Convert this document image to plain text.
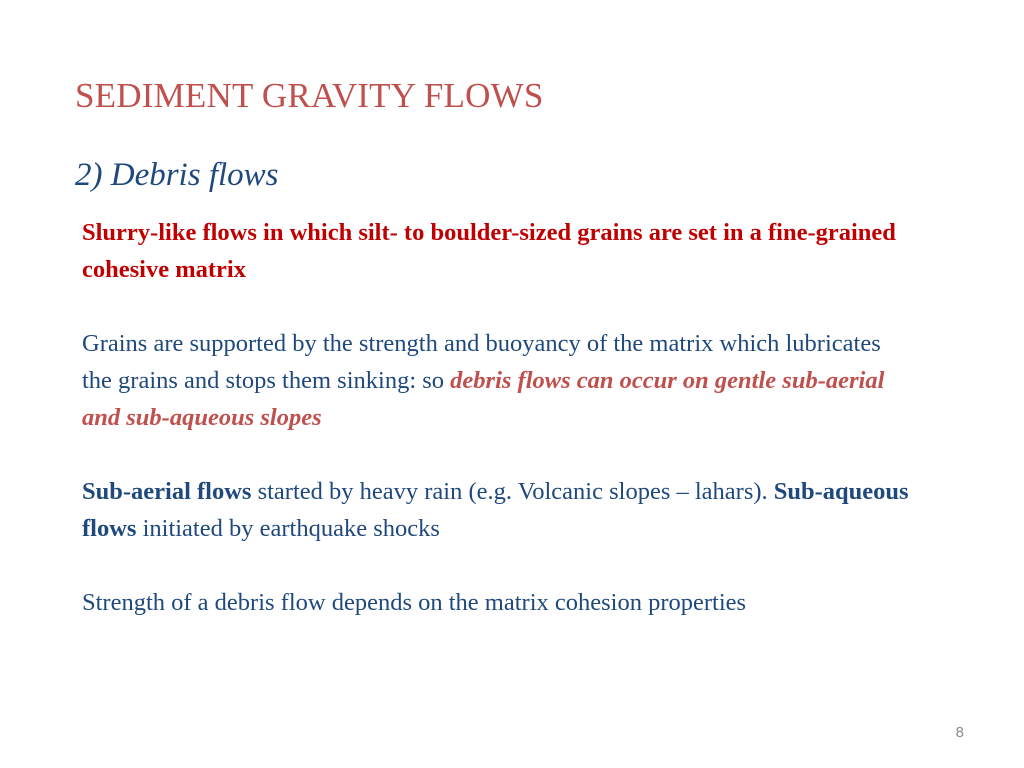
SEDIMENT GRAVITY FLOWS
2) Debris flows

Slurry-like flows in which silt- to boulder-sized grains are set in a fine-grained cohesive matrix

Grains are supported by the strength and buoyancy of the matrix which lubricates the grains and stops them sinking: so debris flows can occur on gentle sub-aerial and sub-aqueous slopes

Sub-aerial flows started by heavy rain (e.g. Volcanic slopes – lahars). Sub-aqueous flows initiated by earthquake shocks

Strength of a debris flow depends on the matrix cohesion properties

8
